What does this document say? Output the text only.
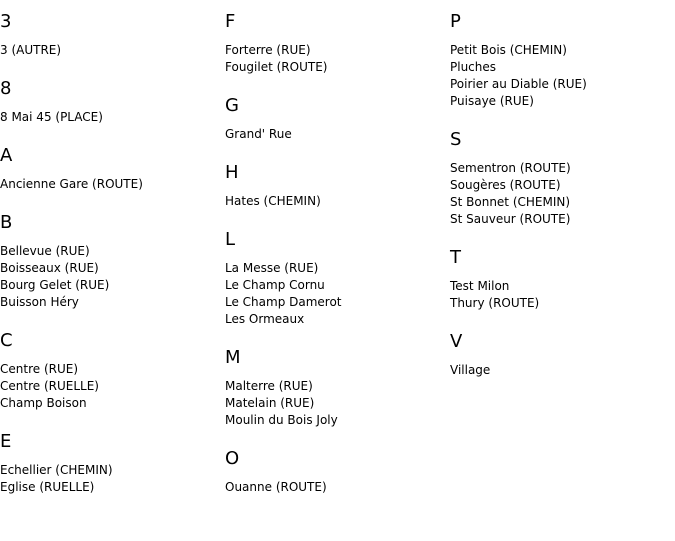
3
3 (AUTRE)
8
8 Mai 45 (PLACE)
A
Ancienne Gare (ROUTE)
B
Bellevue (RUE)
Boisseaux (RUE)
Bourg Gelet (RUE)
Buisson Héry
C
Centre (RUE)
Centre (RUELLE)
Champ Boison
E
Echellier (CHEMIN)
Eglise (RUELLE)
F
Forterre (RUE)
Fougilet (ROUTE)
G
Grand' Rue
H
Hates (CHEMIN)
L
La Messe (RUE)
Le Champ Cornu
Le Champ Damerot
Les Ormeaux
M
Malterre (RUE)
Matelain (RUE)
Moulin du Bois Joly
O
Ouanne (ROUTE)
P
Petit Bois (CHEMIN)
Pluches
Poirier au Diable (RUE)
Puisaye (RUE)
S
Sementron (ROUTE)
Sougères (ROUTE)
St Bonnet (CHEMIN)
St Sauveur (ROUTE)
T
Test Milon
Thury (ROUTE)
V
Village
